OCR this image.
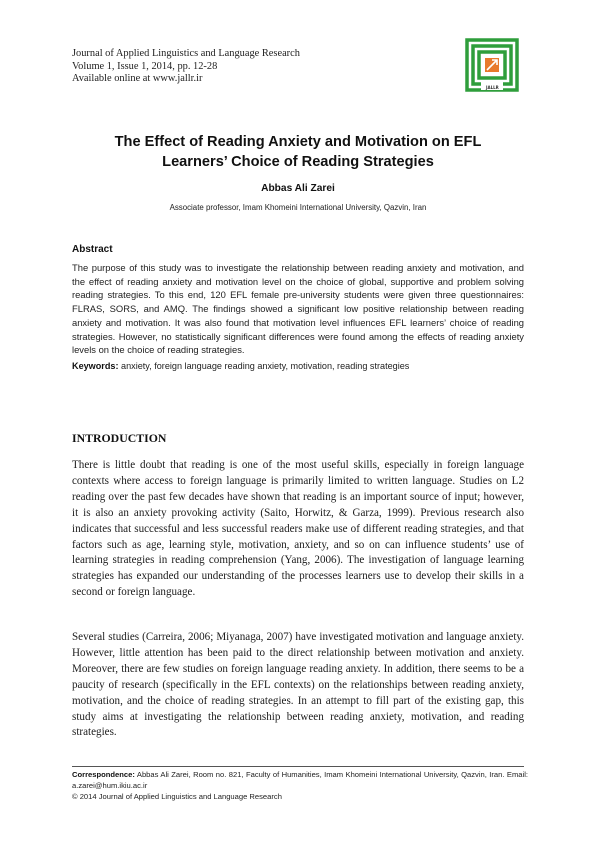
Journal of Applied Linguistics and Language Research
Volume 1, Issue 1, 2014, pp. 12-28
Available online at www.jallr.ir
JALLR
The Effect of Reading Anxiety and Motivation on EFL
Learners’ Choice of Reading Strategies
Abbas Ali Zarei
Associate professor, Imam Khomeini International University, Qazvin, Iran
Abstract
The purpose of this study was to investigate the relationship between reading anxiety and motivation, and the effect of reading anxiety and motivation level on the choice of global, supportive and problem solving reading strategies. To this end, 120 EFL female pre-university students were given three questionnaires: FLRAS, SORS, and AMQ. The findings showed a significant low positive relationship between reading anxiety and motivation. It was also found that motivation level influences EFL learners’ choice of reading strategies. However, no statistically significant differences were found among the effects of reading anxiety levels on the choice of reading strategies.
Keywords: anxiety, foreign language reading anxiety, motivation, reading strategies
INTRODUCTION
There is little doubt that reading is one of the most useful skills, especially in foreign language contexts where access to foreign language is primarily limited to written language. Studies on L2 reading over the past few decades have shown that reading is an important source of input; however, it is also an anxiety provoking activity (Saito, Horwitz, & Garza, 1999). Previous research also indicates that successful and less successful readers make use of different reading strategies, and that factors such as age, learning style, motivation, anxiety, and so on can influence students’ use of learning strategies in reading comprehension (Yang, 2006). The investigation of language learning strategies has expanded our understanding of the processes learners use to develop their skills in a second or foreign language.
Several studies (Carreira, 2006; Miyanaga, 2007) have investigated motivation and language anxiety. However, little attention has been paid to the direct relationship between motivation and anxiety. Moreover, there are few studies on foreign language reading anxiety. In addition, there seems to be a paucity of research (specifically in the EFL contexts) on the relationships between reading anxiety, motivation, and the choice of reading strategies. In an attempt to fill part of the existing gap, this study aims at investigating the relationship between reading anxiety, motivation, and reading strategies.
Correspondence: Abbas Ali Zarei, Room no. 821, Faculty of Humanities, Imam Khomeini International University, Qazvin, Iran. Email: a.zarei@hum.ikiu.ac.ir
© 2014 Journal of Applied Linguistics and Language Research
